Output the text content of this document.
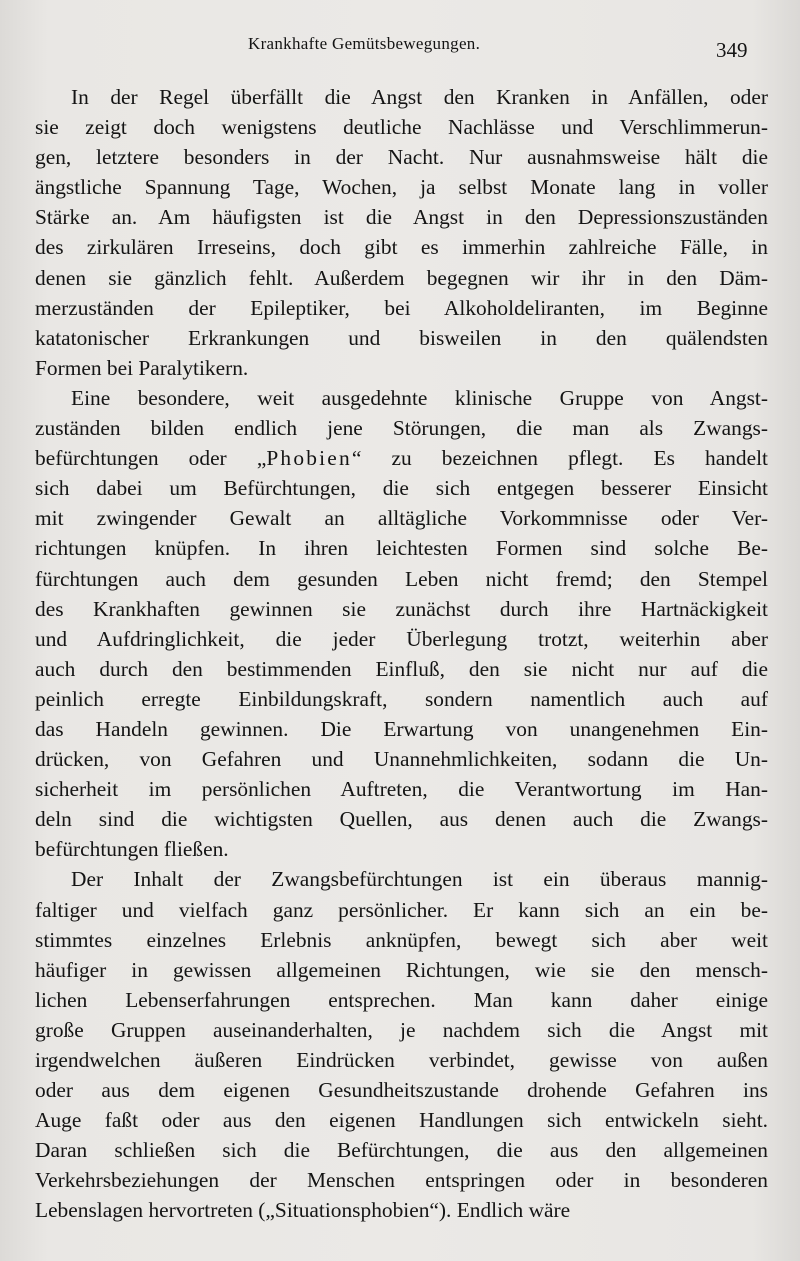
Krankhafte Gemütsbewegungen.	349
In der Regel überfällt die Angst den Kranken in Anfällen, oder
sie zeigt doch wenigstens deutliche Nachlässe und Verschlimmerun-
gen, letztere besonders in der Nacht. Nur ausnahmsweise hält die
ängstliche Spannung Tage, Wochen, ja selbst Monate lang in voller
Stärke an. Am häufigsten ist die Angst in den Depressionszuständen
des zirkulären Irreseins, doch gibt es immerhin zahlreiche Fälle, in
denen sie gänzlich fehlt. Außerdem begegnen wir ihr in den Däm-
merzuständen der Epileptiker, bei Alkoholdeliranten, im Beginne
katatonischer Erkrankungen und bisweilen in den quälendsten
Formen bei Paralytikern.
Eine besondere, weit ausgedehnte klinische Gruppe von Angst-
zuständen bilden endlich jene Störungen, die man als Zwangs-
befürchtungen oder „Phobien“ zu bezeichnen pflegt. Es handelt
sich dabei um Befürchtungen, die sich entgegen besserer Einsicht
mit zwingender Gewalt an alltägliche Vorkommnisse oder Ver-
richtungen knüpfen. In ihren leichtesten Formen sind solche Be-
fürchtungen auch dem gesunden Leben nicht fremd; den Stempel
des Krankhaften gewinnen sie zunächst durch ihre Hartnäckigkeit
und Aufdringlichkeit, die jeder Überlegung trotzt, weiterhin aber
auch durch den bestimmenden Einfluß, den sie nicht nur auf die
peinlich erregte Einbildungskraft, sondern namentlich auch auf
das Handeln gewinnen. Die Erwartung von unangenehmen Ein-
drücken, von Gefahren und Unannehmlichkeiten, sodann die Un-
sicherheit im persönlichen Auftreten, die Verantwortung im Han-
deln sind die wichtigsten Quellen, aus denen auch die Zwangs-
befürchtungen fließen.
Der Inhalt der Zwangsbefürchtungen ist ein überaus mannig-
faltiger und vielfach ganz persönlicher. Er kann sich an ein be-
stimmtes einzelnes Erlebnis anknüpfen, bewegt sich aber weit
häufiger in gewissen allgemeinen Richtungen, wie sie den mensch-
lichen Lebenserfahrungen entsprechen. Man kann daher einige
große Gruppen auseinanderhalten, je nachdem sich die Angst mit
irgendwelchen äußeren Eindrücken verbindet, gewisse von außen
oder aus dem eigenen Gesundheitszustande drohende Gefahren ins
Auge faßt oder aus den eigenen Handlungen sich entwickeln sieht.
Daran schließen sich die Befürchtungen, die aus den allgemeinen
Verkehrsbeziehungen der Menschen entspringen oder in besonderen
Lebenslagen hervortreten („Situationsphobien“). Endlich wäre
